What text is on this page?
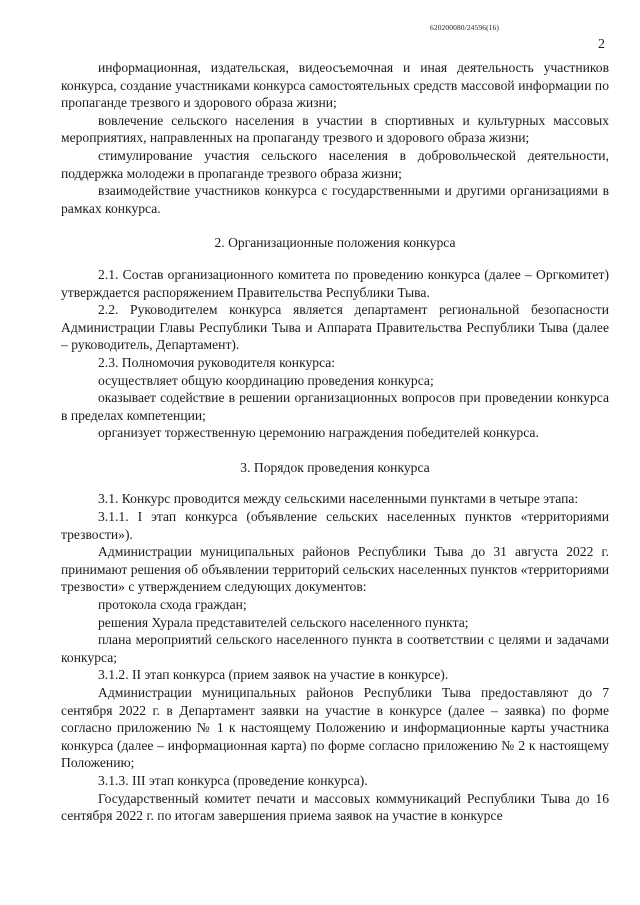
620200080/24596(16)
2

информационная, издательская, видеосъемочная и иная деятельность участников конкурса, создание участниками конкурса самостоятельных средств массовой информации по пропаганде трезвого и здорового образа жизни;

вовлечение сельского населения в участии в спортивных и культурных массовых мероприятиях, направленных на пропаганду трезвого и здорового образа жизни;

стимулирование участия сельского населения в добровольческой деятельности, поддержка молодежи в пропаганде трезвого образа жизни;

взаимодействие участников конкурса с государственными и другими организациями в рамках конкурса.

2. Организационные положения конкурса

2.1. Состав организационного комитета по проведению конкурса (далее – Оргкомитет) утверждается распоряжением Правительства Республики Тыва.

2.2. Руководителем конкурса является департамент региональной безопасности Администрации Главы Республики Тыва и Аппарата Правительства Республики Тыва (далее – руководитель, Департамент).

2.3. Полномочия руководителя конкурса:

осуществляет общую координацию проведения конкурса;

оказывает содействие в решении организационных вопросов при проведении конкурса в пределах компетенции;

организует торжественную церемонию награждения победителей конкурса.

3. Порядок проведения конкурса

3.1. Конкурс проводится между сельскими населенными пунктами в четыре этапа:

3.1.1. I этап конкурса (объявление сельских населенных пунктов «территориями трезвости»).

Администрации муниципальных районов Республики Тыва до 31 августа 2022 г. принимают решения об объявлении территорий сельских населенных пунктов «территориями трезвости» с утверждением следующих документов:

протокола схода граждан;

решения Хурала представителей сельского населенного пункта;

плана мероприятий сельского населенного пункта в соответствии с целями и задачами конкурса;

3.1.2. II этап конкурса (прием заявок на участие в конкурсе).

Администрации муниципальных районов Республики Тыва предоставляют до 7 сентября 2022 г. в Департамент заявки на участие в конкурсе (далее – заявка) по форме согласно приложению № 1 к настоящему Положению и информационные карты участника конкурса (далее – информационная карта) по форме согласно приложению № 2 к настоящему Положению;

3.1.3. III этап конкурса (проведение конкурса).

Государственный комитет печати и массовых коммуникаций Республики Тыва до 16 сентября 2022 г. по итогам завершения приема заявок на участие в конкурсе
